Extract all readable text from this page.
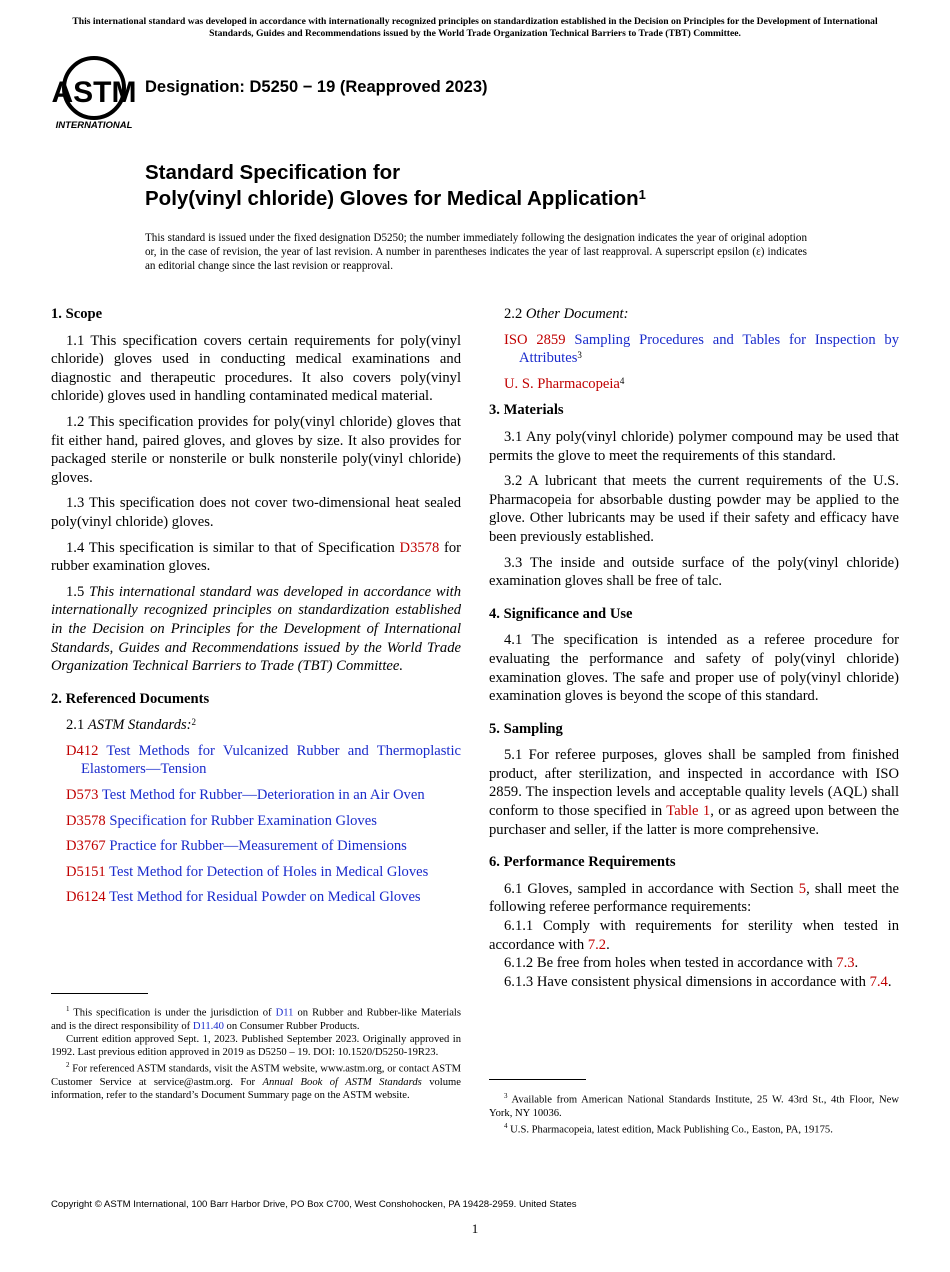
This international standard was developed in accordance with internationally recognized principles on standardization established in the Decision on Principles for the Development of International Standards, Guides and Recommendations issued by the World Trade Organization Technical Barriers to Trade (TBT) Committee.
ASTM
INTERNATIONAL
Designation: D5250 − 19 (Reapproved 2023)
Standard Specification for
Poly(vinyl chloride) Gloves for Medical Application$^1$
This standard is issued under the fixed designation D5250; the number immediately following the designation indicates the year of original adoption or, in the case of revision, the year of last revision. A number in parentheses indicates the year of last reapproval. A superscript epsilon (ε) indicates an editorial change since the last revision or reapproval.
1. Scope

1.1 This specification covers certain requirements for poly(vinyl chloride) gloves used in conducting medical examinations and diagnostic and therapeutic procedures. It also covers poly(vinyl chloride) gloves used in handling contaminated medical material.

1.2 This specification provides for poly(vinyl chloride) gloves that fit either hand, paired gloves, and gloves by size. It also provides for packaged sterile or nonsterile or bulk nonsterile poly(vinyl chloride) gloves.

1.3 This specification does not cover two-dimensional heat sealed poly(vinyl chloride) gloves.

1.4 This specification is similar to that of Specification D3578 for rubber examination gloves.

1.5 This international standard was developed in accordance with internationally recognized principles on standardization established in the Decision on Principles for the Development of International Standards, Guides and Recommendations issued by the World Trade Organization Technical Barriers to Trade (TBT) Committee.

2. Referenced Documents

2.1 ASTM Standards:$^2$

D412 Test Methods for Vulcanized Rubber and Thermoplastic Elastomers—Tension

D573 Test Method for Rubber—Deterioration in an Air Oven

D3578 Specification for Rubber Examination Gloves

D3767 Practice for Rubber—Measurement of Dimensions

D5151 Test Method for Detection of Holes in Medical Gloves

D6124 Test Method for Residual Powder on Medical Gloves

2.2 Other Document:

ISO 2859 Sampling Procedures and Tables for Inspection by Attributes$^3$

U. S. Pharmacopeia$^4$

3. Materials

3.1 Any poly(vinyl chloride) polymer compound may be used that permits the glove to meet the requirements of this standard.

3.2 A lubricant that meets the current requirements of the U.S. Pharmacopeia for absorbable dusting powder may be applied to the glove. Other lubricants may be used if their safety and efficacy have been previously established.

3.3 The inside and outside surface of the poly(vinyl chloride) examination gloves shall be free of talc.

4. Significance and Use

4.1 The specification is intended as a referee procedure for evaluating the performance and safety of poly(vinyl chloride) examination gloves. The safe and proper use of poly(vinyl chloride) examination gloves is beyond the scope of this standard.

5. Sampling

5.1 For referee purposes, gloves shall be sampled from finished product, after sterilization, and inspected in accordance with ISO 2859. The inspection levels and acceptable quality levels (AQL) shall conform to those specified in Table 1, or as agreed upon between the purchaser and seller, if the latter is more comprehensive.

6. Performance Requirements

6.1 Gloves, sampled in accordance with Section 5, shall meet the following referee performance requirements:

6.1.1 Comply with requirements for sterility when tested in accordance with 7.2.

6.1.2 Be free from holes when tested in accordance with 7.3.

6.1.3 Have consistent physical dimensions in accordance with 7.4.

$^1$ This specification is under the jurisdiction of D11 on Rubber and Rubber-like Materials and is the direct responsibility of D11.40 on Consumer Rubber Products.

Current edition approved Sept. 1, 2023. Published September 2023. Originally approved in 1992. Last previous edition approved in 2019 as D5250 – 19. DOI: 10.1520/D5250-19R23.

$^2$ For referenced ASTM standards, visit the ASTM website, www.astm.org, or contact ASTM Customer Service at service@astm.org. For Annual Book of ASTM Standards volume information, refer to the standard’s Document Summary page on the ASTM website.	$^3$ Available from American National Standards Institute, 25 W. 43rd St., 4th Floor, New York, NY 10036.

$^4$ U.S. Pharmacopeia, latest edition, Mack Publishing Co., Easton, PA, 19175.

Copyright © ASTM International, 100 Barr Harbor Drive, PO Box C700, West Conshohocken, PA 19428-2959. United States
1
